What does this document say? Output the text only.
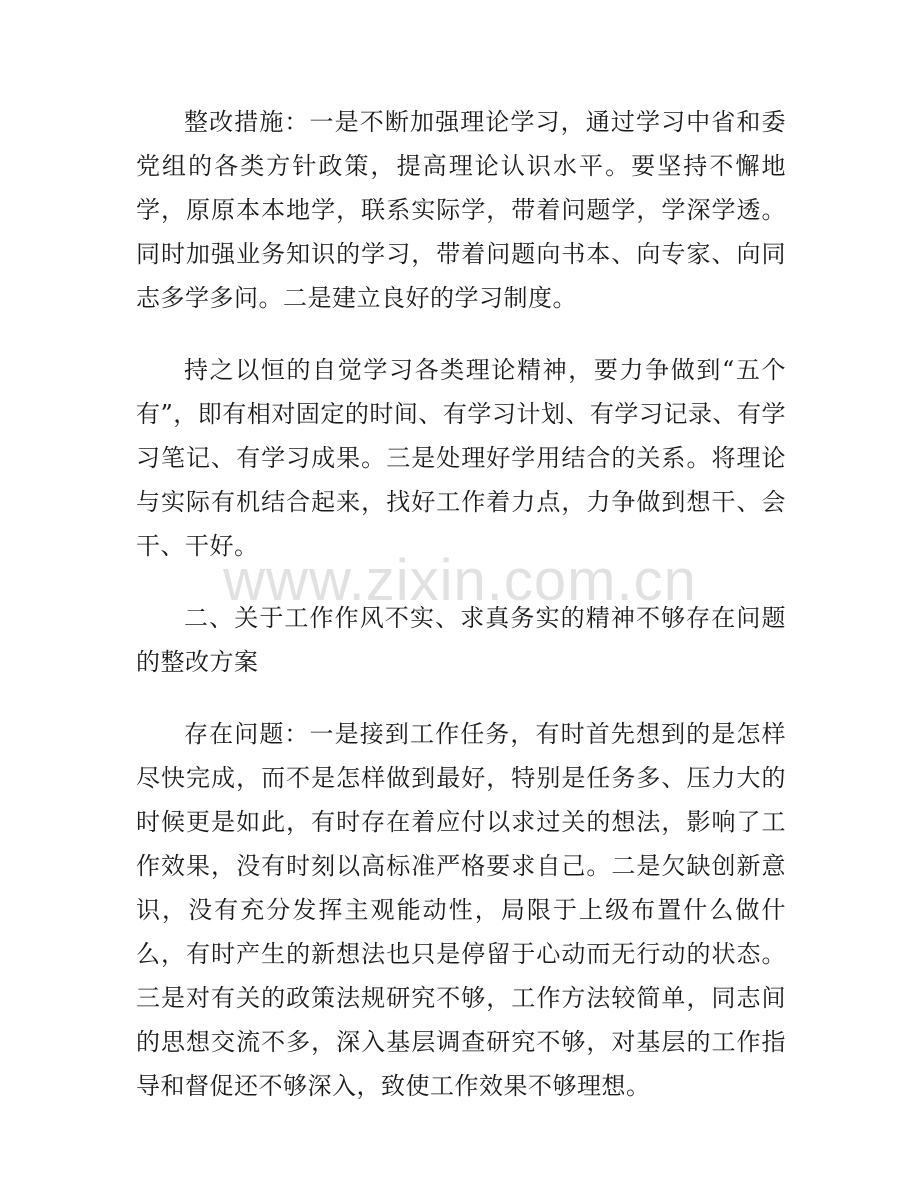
整改措施：一是不断加强理论学习，通过学习中省和委党组的各类方针政策，提高理论认识水平。要坚持不懈地学，原原本本地学，联系实际学，带着问题学，学深学透。同时加强业务知识的学习，带着问题向书本、向专家、向同志多学多问。二是建立良好的学习制度。

持之以恒的自觉学习各类理论精神，要力争做到“五个有”，即有相对固定的时间、有学习计划、有学习记录、有学习笔记、有学习成果。三是处理好学用结合的关系。将理论与实际有机结合起来，找好工作着力点，力争做到想干、会干、干好。

二、关于工作作风不实、求真务实的精神不够存在问题的整改方案

存在问题：一是接到工作任务，有时首先想到的是怎样尽快完成，而不是怎样做到最好，特别是任务多、压力大的时候更是如此，有时存在着应付以求过关的想法，影响了工作效果，没有时刻以高标准严格要求自己。二是欠缺创新意识，没有充分发挥主观能动性，局限于上级布置什么做什么，有时产生的新想法也只是停留于心动而无行动的状态。三是对有关的政策法规研究不够，工作方法较简单，同志间的思想交流不多，深入基层调查研究不够，对基层的工作指导和督促还不够深入，致使工作效果不够理想。

www.zixin.com.cn
